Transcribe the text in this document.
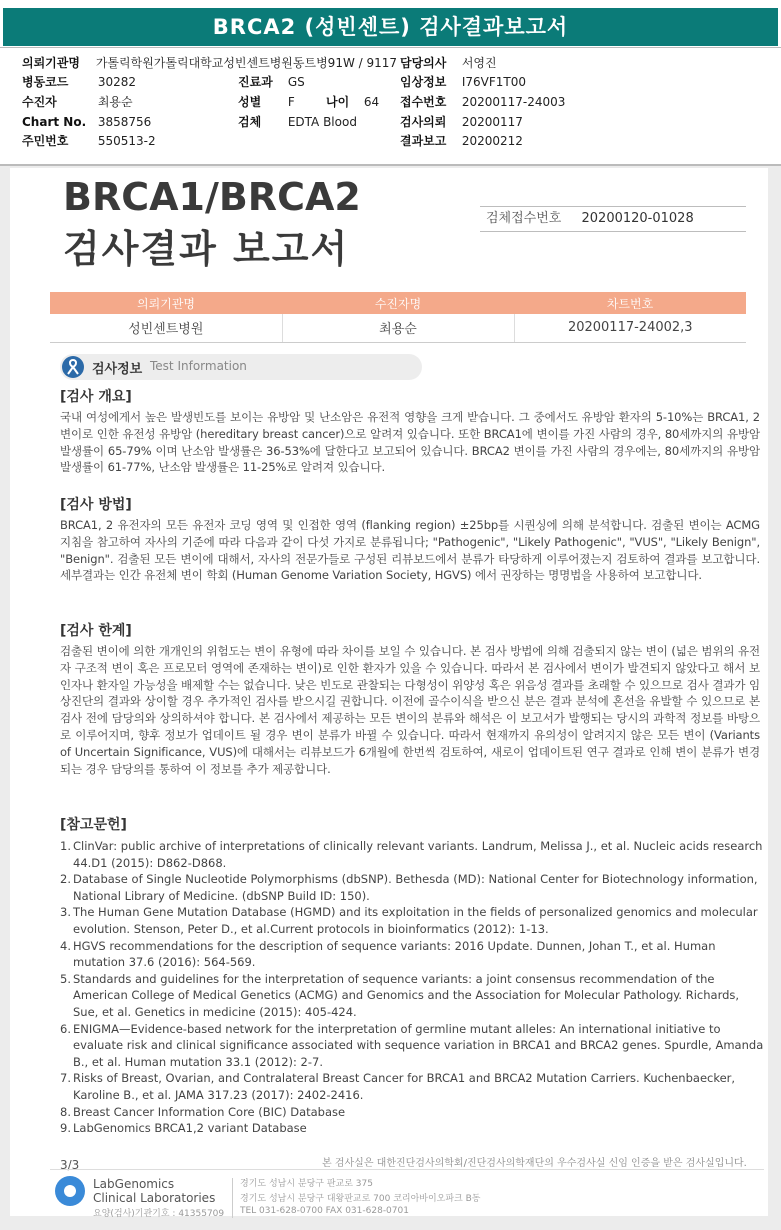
BRCA2 (성빈센트) 검사결과보고서
의뢰기관명 가톨릭학원가톨릭대학교성빈센트병원동트병91W / 9117
병동코드 30282	진료과 GS
수진자	최용순	성별 F	나이 64
Chart No. 3858756	검체 EDTA Blood
주민번호 550513-2
담당의사 서영진
임상정보 I76VF1T00
접수번호 20200117-24003
검사의뢰 20200117
결과보고 20200212
BRCA1/BRCA2
검사결과 보고서
검체접수번호 20200120-01028
의뢰기관명	수진자명	차트번호
성빈센트병원	최용순	20200117-24002,3
검사정보 Test Information
[검사 개요]

국내 여성에게서 높은 발생빈도를 보이는 유방암 및 난소암은 유전적 영향을 크게 받습니다. 그 중에서도 유방암 환자의 5-10%는 BRCA1, 2 변이로 인한 유전성 유방암 (hereditary breast cancer)으로 알려져 있습니다. 또한 BRCA1에 변이를 가진 사람의 경우, 80세까지의 유방암 발생률이 65-79% 이며 난소암 발생률은 36-53%에 달한다고 보고되어 있습니다. BRCA2 변이를 가진 사람의 경우에는, 80세까지의 유방암 발생률이 61-77%, 난소암 발생률은 11-25%로 알려져 있습니다.

[검사 방법]

BRCA1, 2 유전자의 모든 유전자 코딩 영역 및 인접한 영역 (flanking region) ±25bp를 시퀀싱에 의해 분석합니다. 검출된 변이는 ACMG 지침을 참고하여 자사의 기준에 따라 다음과 같이 다섯 가지로 분류됩니다; "Pathogenic", "Likely Pathogenic", "VUS", "Likely Benign", "Benign". 검출된 모든 변이에 대해서, 자사의 전문가들로 구성된 리뷰보드에서 분류가 타당하게 이루어졌는지 검토하여 결과를 보고합니다. 세부결과는 인간 유전체 변이 학회 (Human Genome Variation Society, HGVS) 에서 권장하는 명명법을 사용하여 보고합니다.

[검사 한계]

검출된 변이에 의한 개개인의 위험도는 변이 유형에 따라 차이를 보일 수 있습니다. 본 검사 방법에 의해 검출되지 않는 변이 (넓은 범위의 유전자 구조적 변이 혹은 프로모터 영역에 존재하는 변이)로 인한 환자가 있을 수 있습니다. 따라서 본 검사에서 변이가 발견되지 않았다고 해서 보인자나 환자일 가능성을 배제할 수는 없습니다. 낮은 빈도로 관찰되는 다형성이 위양성 혹은 위음성 결과를 초래할 수 있으므로 검사 결과가 임상진단의 결과와 상이할 경우 추가적인 검사를 받으시길 권합니다. 이전에 골수이식을 받으신 분은 결과 분석에 혼선을 유발할 수 있으므로 본 검사 전에 담당의와 상의하셔야 합니다. 본 검사에서 제공하는 모든 변이의 분류와 해석은 이 보고서가 발행되는 당시의 과학적 정보를 바탕으로 이루어지며, 향후 정보가 업데이트 될 경우 변이 분류가 바뀔 수 있습니다. 따라서 현재까지 유의성이 알려지지 않은 모든 변이 (Variants of Uncertain Significance, VUS)에 대해서는 리뷰보드가 6개월에 한번씩 검토하여, 새로이 업데이트된 연구 결과로 인해 변이 분류가 변경되는 경우 담당의를 통하여 이 정보를 추가 제공합니다.

[참고문헌]
1. ClinVar: public archive of interpretations of clinically relevant variants. Landrum, Melissa J., et al. Nucleic acids research 44.D1 (2015): D862-D868.
2. Database of Single Nucleotide Polymorphisms (dbSNP). Bethesda (MD): National Center for Biotechnology information, National Library of Medicine. (dbSNP Build ID: 150).
3. The Human Gene Mutation Database (HGMD) and its exploitation in the fields of personalized genomics and molecular evolution. Stenson, Peter D., et al.Current protocols in bioinformatics (2012): 1-13.
4. HGVS recommendations for the description of sequence variants: 2016 Update. Dunnen, Johan T., et al. Human mutation 37.6 (2016): 564-569.
5. Standards and guidelines for the interpretation of sequence variants: a joint consensus recommendation of the American College of Medical Genetics (ACMG) and Genomics and the Association for Molecular Pathology. Richards, Sue, et al. Genetics in medicine (2015): 405-424.
6. ENIGMA—Evidence-based network for the interpretation of germline mutant alleles: An international initiative to evaluate risk and clinical significance associated with sequence variation in BRCA1 and BRCA2 genes. Spurdle, Amanda B., et al. Human mutation 33.1 (2012): 2-7.
7. Risks of Breast, Ovarian, and Contralateral Breast Cancer for BRCA1 and BRCA2 Mutation Carriers. Kuchenbaecker, Karoline B., et al. JAMA 317.23 (2017): 2402-2416.
8. Breast Cancer Information Core (BIC) Database
9. LabGenomics BRCA1,2 variant Database
본 검사실은 대한진단검사의학회/진단검사의학재단의 우수검사실 신임 인증을 받은 검사실입니다.
3/3
LabGenomics
Clinical Laboratories
요양(검사)기관기호 : 41355709
경기도 성남시 분당구 판교로 375
경기도 성남시 분당구 대왕판교로 700 코리아바이오파크 B동
TEL 031-628-0700 FAX 031-628-0701
